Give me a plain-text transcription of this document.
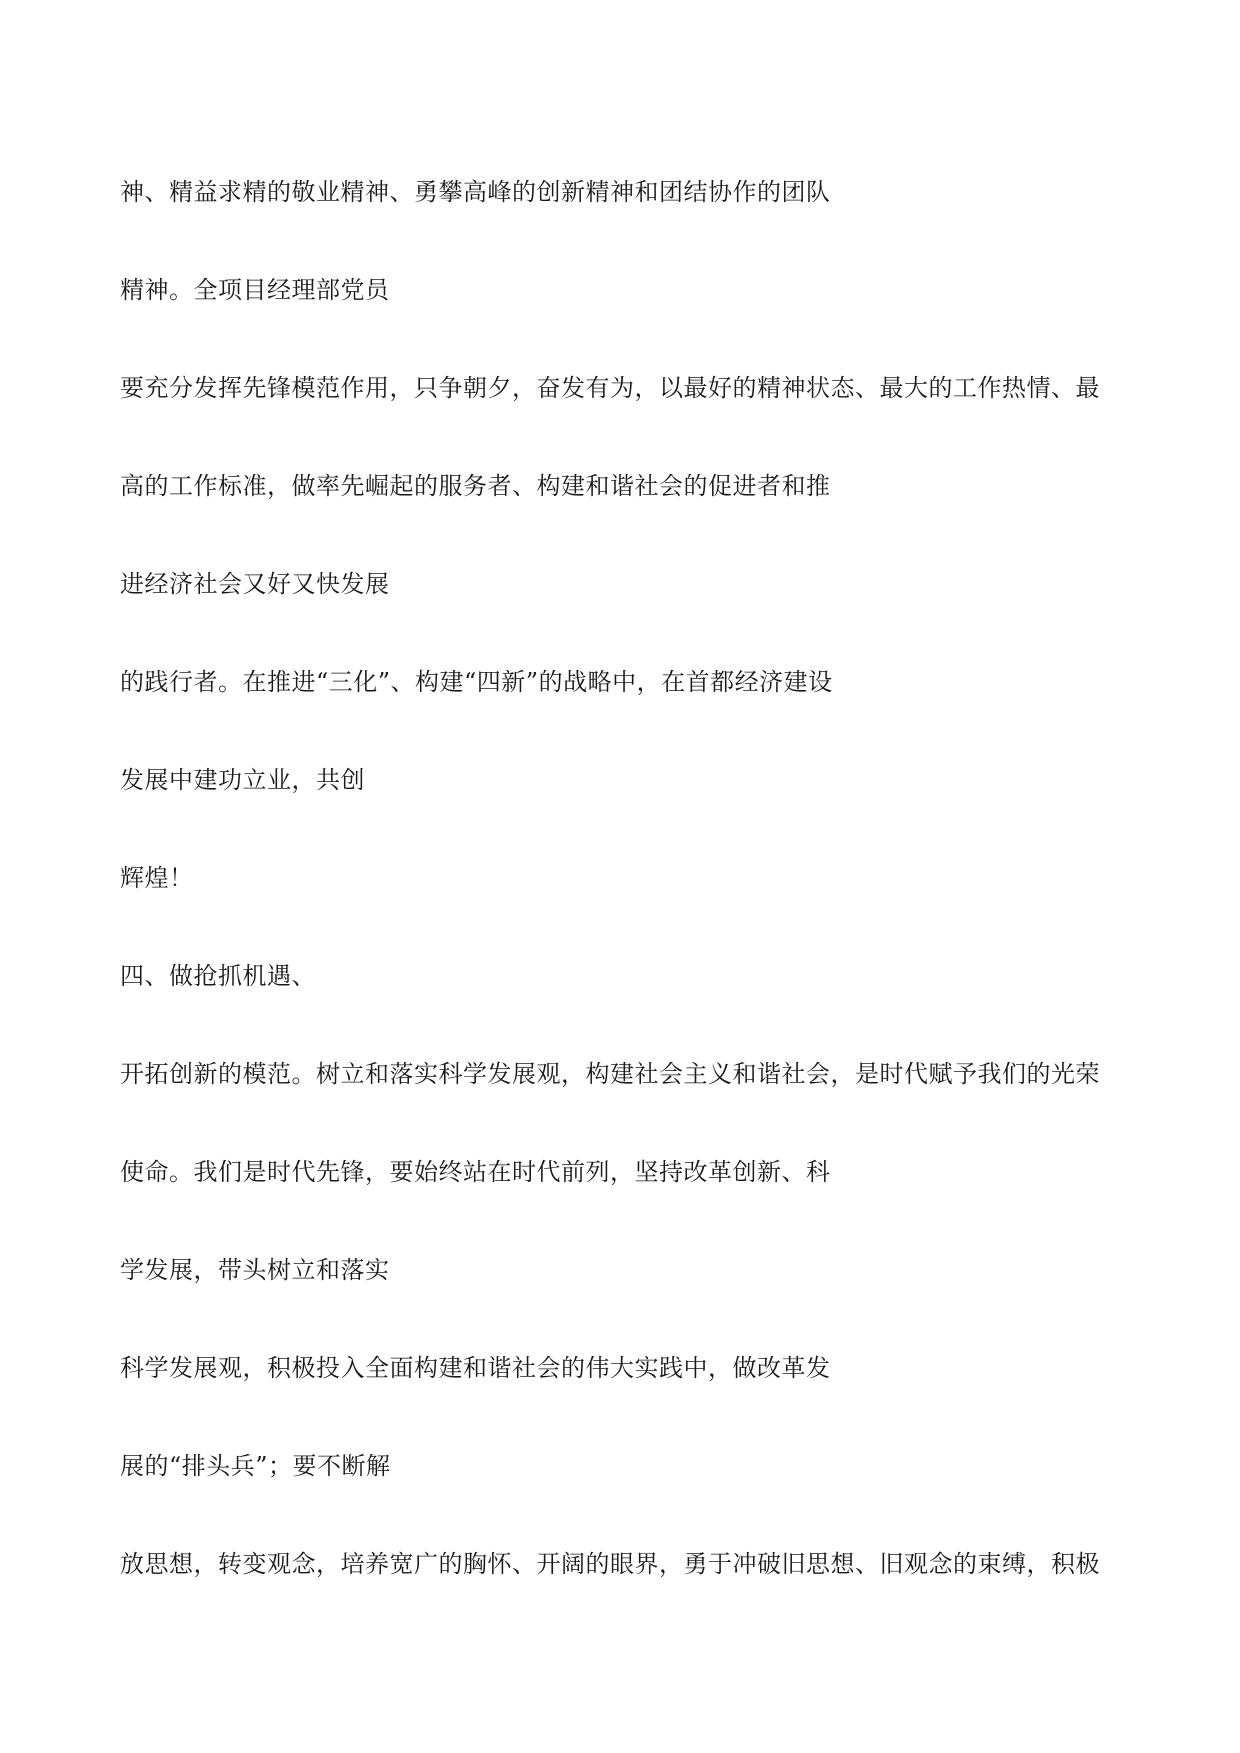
神、精益求精的敬业精神、勇攀高峰的创新精神和团结协作的团队

精神。全项目经理部党员

要充分发挥先锋模范作用，只争朝夕，奋发有为，以最好的精神状态、最大的工作热情、最

高的工作标准，做率先崛起的服务者、构建和谐社会的促进者和推

进经济社会又好又快发展

的践行者。在推进“三化”、构建“四新”的战略中，在首都经济建设

发展中建功立业，共创

辉煌！

四、做抢抓机遇、

开拓创新的模范。树立和落实科学发展观，构建社会主义和谐社会，是时代赋予我们的光荣

使命。我们是时代先锋，要始终站在时代前列，坚持改革创新、科

学发展，带头树立和落实

科学发展观，积极投入全面构建和谐社会的伟大实践中，做改革发

展的“排头兵”；要不断解

放思想，转变观念，培养宽广的胸怀、开阔的眼界，勇于冲破旧思想、旧观念的束缚，积极
